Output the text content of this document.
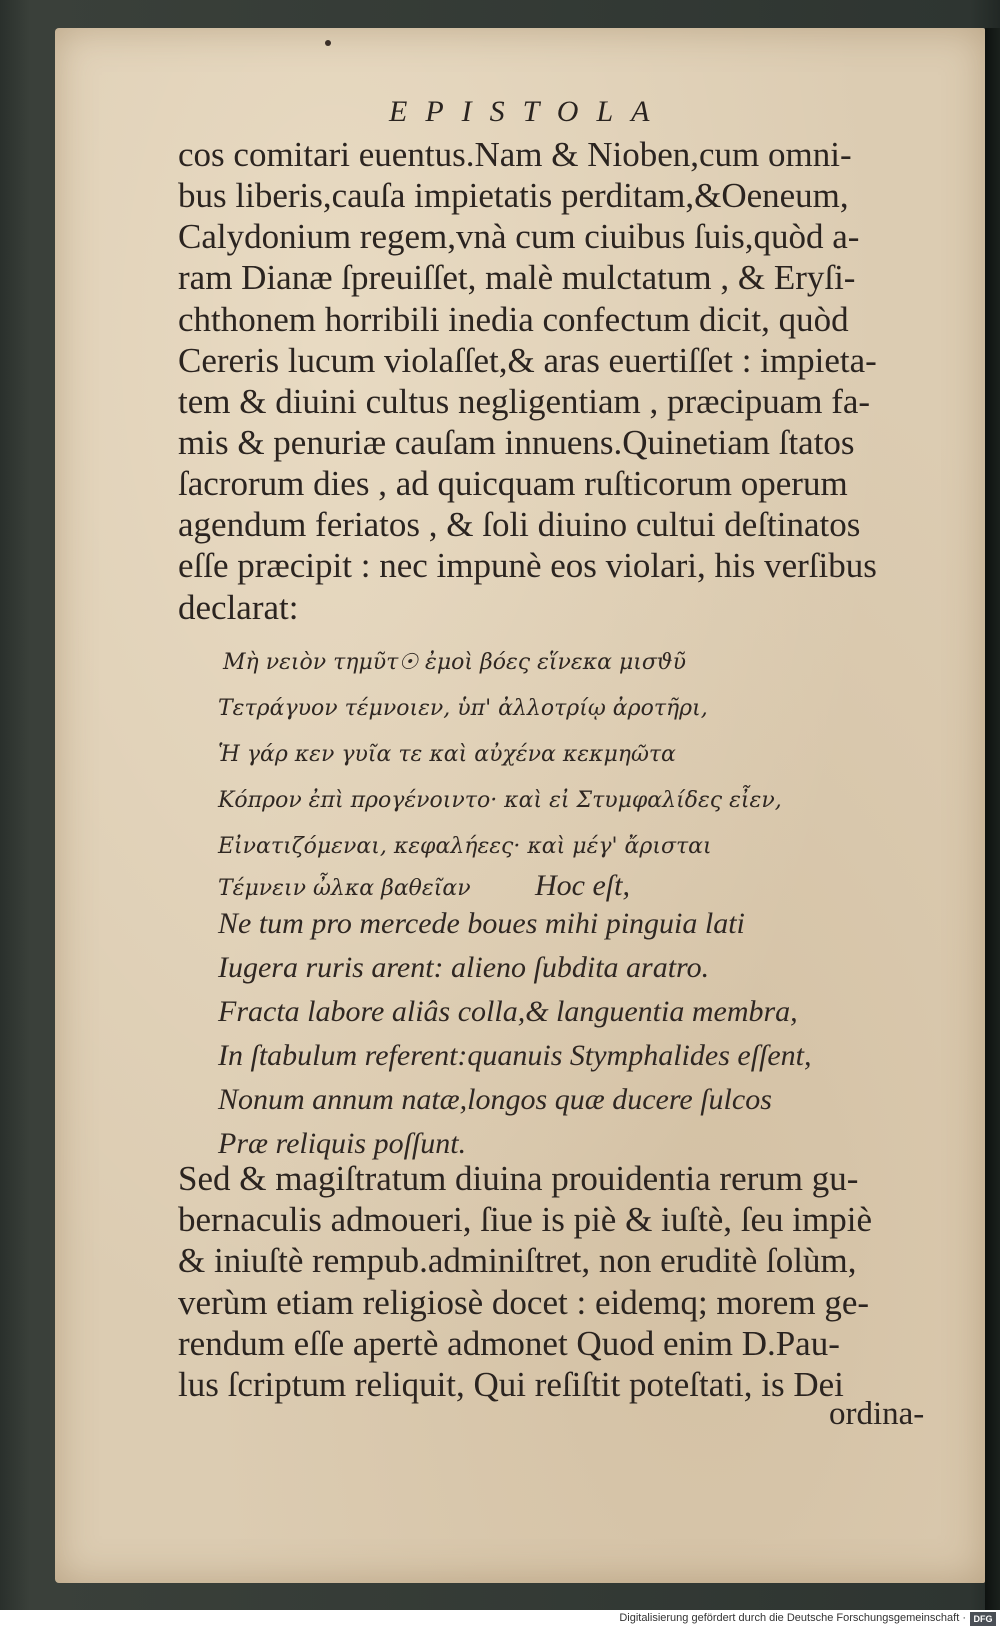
EPISTOLA
cos comitari euentus.Nam & Nioben,cum omni-
bus liberis,cauſa impietatis perditam,&Oeneum,
Calydonium regem,vnà cum ciuibus ſuis,quòd a-
ram Dianæ ſpreuiſſet, malè mulctatum , & Eryſi-
chthonem horribili inedia confectum dicit, quòd
Cereris lucum violaſſet,& aras euertiſſet : impieta-
tem & diuini cultus negligentiam , præcipuam fa-
mis & penuriæ cauſam innuens.Quinetiam ſtatos
ſacrorum dies , ad quicquam ruſticorum operum
agendum feriatos , & ſoli diuino cultui deſtinatos
eſſe præcipit : nec impunè eos violari, his verſibus
declarat:
Μὴ νειὸν τημῦτ☉ ἐμοὶ βόες εἵνεκα μισϑῦ
Τετράγυον τέμνοιεν, ὑπ' ἀλλοτρίῳ ἀροτῆρι,
Ἡ γάρ κεν γυῖα τε καὶ αὐχένα κεκμηῶτα
Κόπρον ἐπὶ προγένοιντο· καὶ εἰ Στυμφαλίδες εἶεν,
Εἰνατιζόμεναι, κεφαλήεες· καὶ μέγ' ἄρισται
Τέμνειν ὦλκα βαθεῖαν Hoc eſt,
Ne tum pro mercede boues mihi pinguia lati
Iugera ruris arent: alieno ſubdita aratro.
Fracta labore aliâs colla,& languentia membra,
In ſtabulum referent:quanuis Stymphalides eſſent,
Nonum annum natæ,longos quæ ducere ſulcos
Præ reliquis poſſunt.
Sed & magiſtratum diuina prouidentia rerum gu-
bernaculis admoueri, ſiue is piè & iuſtè, ſeu impiè
& iniuſtè rempub.adminiſtret, non eruditè ſolùm,
verùm etiam religiosè docet : eidemq; morem ge-
rendum eſſe apertè admonet Quod enim D.Pau-
lus ſcriptum reliquit, Qui reſiſtit poteſtati, is Dei
ordina-
Digitalisierung gefördert durch die Deutsche Forschungsgemeinschaft · DFG
